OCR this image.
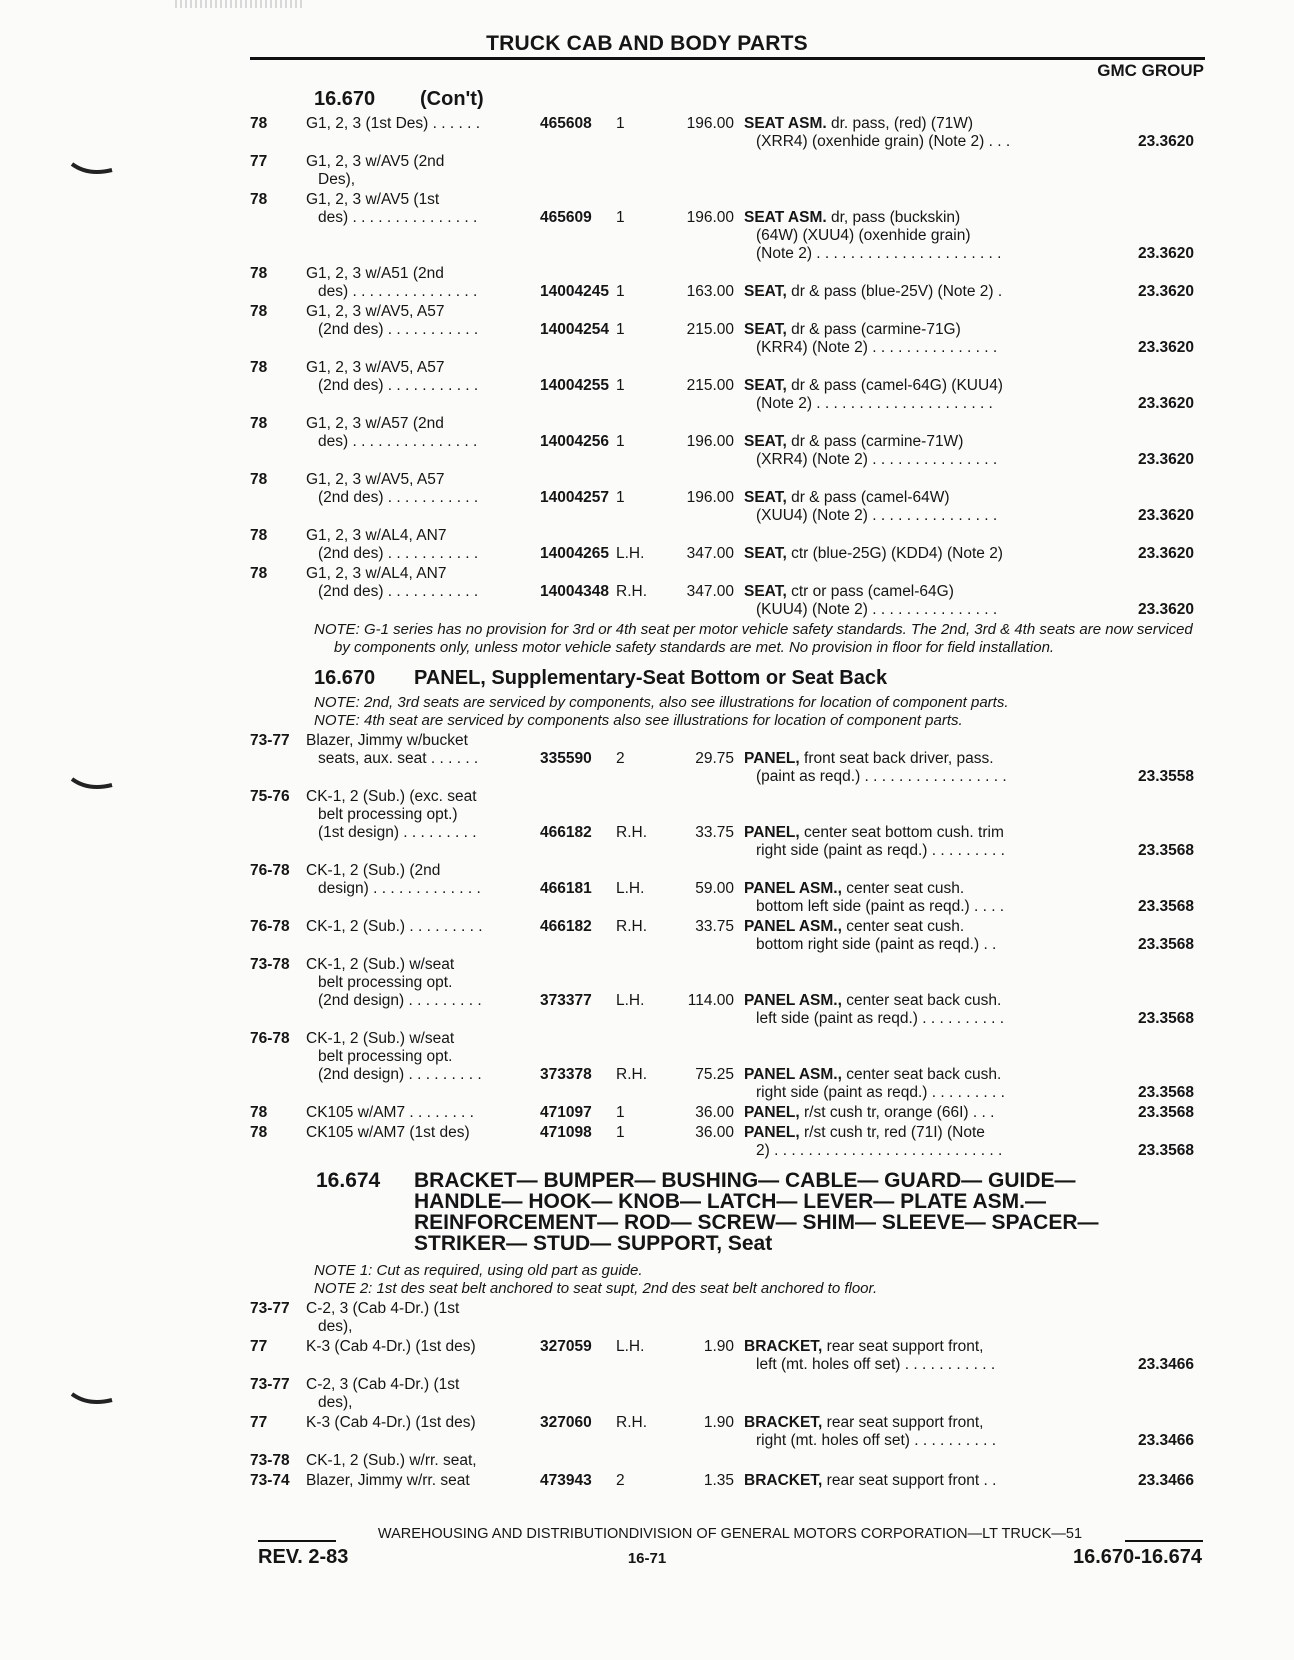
TRUCK CAB AND BODY PARTS
GMC GROUP
16.670	(Con't)
78	G1, 2, 3 (1st Des) . . . . . .	465608	1	196.00 SEAT ASM. dr. pass, (red) (71W)
(XRR4) (oxenhide grain) (Note 2) . . .	23.3620
77	G1, 2, 3 w/AV5 (2nd
Des),
78	G1, 2, 3 w/AV5 (1st
des) . . . . . . . . . . . . . . .	465609	1	196.00 SEAT ASM. dr, pass (buckskin)
(64W) (XUU4) (oxenhide grain)
(Note 2) . . . . . . . . . . . . . . . . . . . . . .	23.3620
78	G1, 2, 3 w/A51 (2nd
des) . . . . . . . . . . . . . . .	14004245 1	163.00 SEAT, dr & pass (blue-25V) (Note 2) .	23.3620
78	G1, 2, 3 w/AV5, A57
(2nd des) . . . . . . . . . . .	14004254 1	215.00 SEAT, dr & pass (carmine-71G)
(KRR4) (Note 2) . . . . . . . . . . . . . . .	23.3620
78	G1, 2, 3 w/AV5, A57
(2nd des) . . . . . . . . . . .	14004255 1	215.00 SEAT, dr & pass (camel-64G) (KUU4)
(Note 2) . . . . . . . . . . . . . . . . . . . . .	23.3620
78	G1, 2, 3 w/A57 (2nd
des) . . . . . . . . . . . . . . .	14004256 1	196.00 SEAT, dr & pass (carmine-71W)
(XRR4) (Note 2) . . . . . . . . . . . . . . .	23.3620
78	G1, 2, 3 w/AV5, A57
(2nd des) . . . . . . . . . . .	14004257 1	196.00 SEAT, dr & pass (camel-64W)
(XUU4) (Note 2) . . . . . . . . . . . . . . .	23.3620
78	G1, 2, 3 w/AL4, AN7
(2nd des) . . . . . . . . . . .	14004265 L.H.	347.00 SEAT, ctr (blue-25G) (KDD4) (Note 2)	23.3620
78	G1, 2, 3 w/AL4, AN7
(2nd des) . . . . . . . . . . .	14004348 R.H.	347.00 SEAT, ctr or pass (camel-64G)
(KUU4) (Note 2) . . . . . . . . . . . . . . .	23.3620
NOTE: G-1 series has no provision for 3rd or 4th seat per motor vehicle safety standards. The 2nd, 3rd & 4th seats are now serviced by components only, unless motor vehicle safety standards are met. No provision in floor for field installation.
16.670	PANEL, Supplementary-Seat Bottom or Seat Back
NOTE: 2nd, 3rd seats are serviced by components, also see illustrations for location of component parts.
NOTE: 4th seat are serviced by components also see illustrations for location of component parts.
73-77	Blazer, Jimmy w/bucket
seats, aux. seat . . . . . .	335590	2	29.75 PANEL, front seat back driver, pass.
(paint as reqd.) . . . . . . . . . . . . . . . . .	23.3558
75-76	CK-1, 2 (Sub.) (exc. seat
belt processing opt.)
(1st design) . . . . . . . . .	466182	R.H.	33.75 PANEL, center seat bottom cush. trim
right side (paint as reqd.) . . . . . . . . .	23.3568
76-78	CK-1, 2 (Sub.) (2nd
design) . . . . . . . . . . . . .	466181	L.H.	59.00 PANEL ASM., center seat cush.
bottom left side (paint as reqd.) . . . .	23.3568
76-78	CK-1, 2 (Sub.) . . . . . . . . .	466182	R.H.	33.75 PANEL ASM., center seat cush.
bottom right side (paint as reqd.) . .	23.3568
73-78	CK-1, 2 (Sub.) w/seat
belt processing opt.
(2nd design) . . . . . . . . .	373377	L.H.	114.00 PANEL ASM., center seat back cush.
left side (paint as reqd.) . . . . . . . . . .	23.3568
76-78	CK-1, 2 (Sub.) w/seat
belt processing opt.
(2nd design) . . . . . . . . .	373378	R.H.	75.25 PANEL ASM., center seat back cush.
right side (paint as reqd.) . . . . . . . . .	23.3568
78	CK105 w/AM7 . . . . . . . .	471097	1	36.00 PANEL, r/st cush tr, orange (66I) . . .	23.3568
78	CK105 w/AM7 (1st des)	471098	1	36.00 PANEL, r/st cush tr, red (71I) (Note
2) . . . . . . . . . . . . . . . . . . . . . . . . . . .	23.3568
16.674	BRACKET— BUMPER— BUSHING— CABLE— GUARD— GUIDE—
HANDLE— HOOK— KNOB— LATCH— LEVER— PLATE ASM.—
REINFORCEMENT— ROD— SCREW— SHIM— SLEEVE— SPACER—
STRIKER— STUD— SUPPORT, Seat
NOTE 1: Cut as required, using old part as guide.
NOTE 2: 1st des seat belt anchored to seat supt, 2nd des seat belt anchored to floor.
73-77	C-2, 3 (Cab 4-Dr.) (1st
des),
77	K-3 (Cab 4-Dr.) (1st des)	327059	L.H.	1.90 BRACKET, rear seat support front,
left (mt. holes off set) . . . . . . . . . . .	23.3466
73-77	C-2, 3 (Cab 4-Dr.) (1st
des),
77	K-3 (Cab 4-Dr.) (1st des)	327060	R.H.	1.90 BRACKET, rear seat support front,
right (mt. holes off set) . . . . . . . . . .	23.3466
73-78	CK-1, 2 (Sub.) w/rr. seat,
73-74	Blazer, Jimmy w/rr. seat	473943	2	1.35 BRACKET, rear seat support front . .	23.3466
WAREHOUSING AND DISTRIBUTIONDIVISION OF GENERAL MOTORS CORPORATION—LT TRUCK—51
REV. 2-83	16-71	16.670-16.674
